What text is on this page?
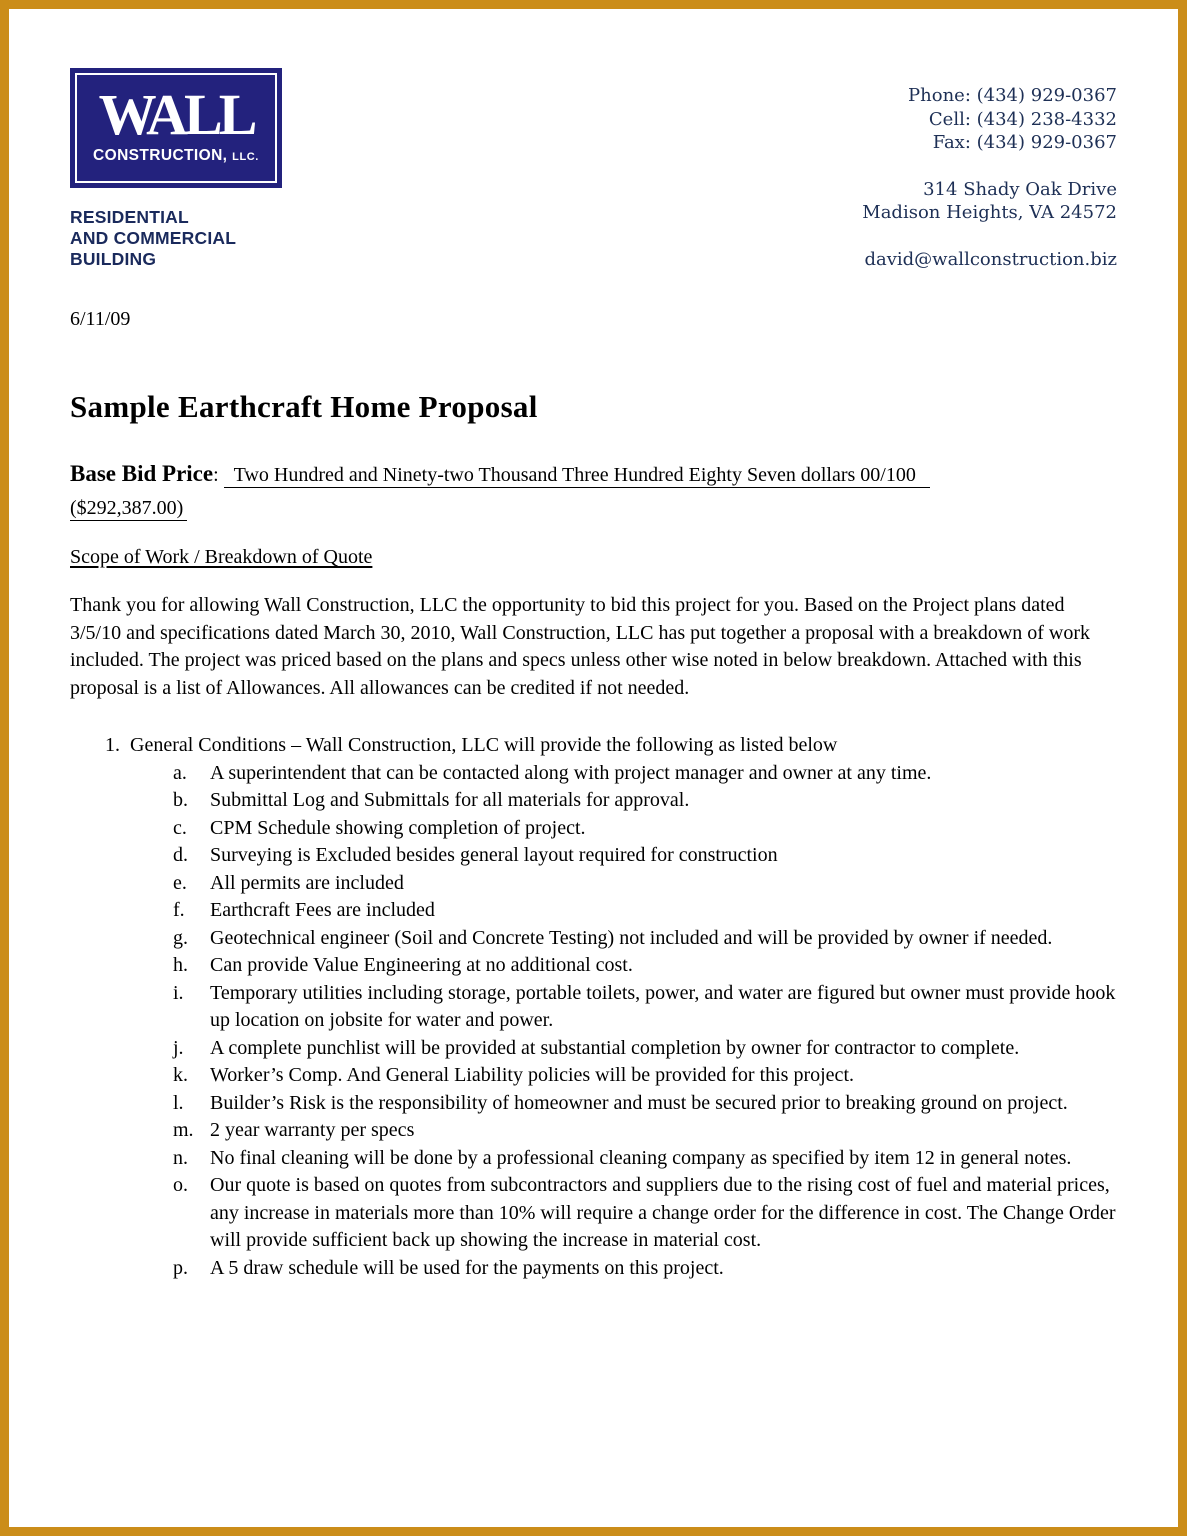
WALL
CONSTRUCTION, LLC.
RESIDENTIAL
AND COMMERCIAL
BUILDING
Phone: (434) 929-0367
Cell: (434) 238-4332
Fax: (434) 929-0367
314 Shady Oak Drive
Madison Heights, VA 24572
david@wallconstruction.biz
6/11/09
Sample Earthcraft Home Proposal
Base Bid Price: Two Hundred and Ninety-two Thousand Three Hundred Eighty Seven dollars 00/100
($292,387.00)
Scope of Work / Breakdown of Quote

Thank you for allowing Wall Construction, LLC the opportunity to bid this project for you. Based on the Project plans dated 3/5/10 and specifications dated March 30, 2010, Wall Construction, LLC has put together a proposal with a breakdown of work included. The project was priced based on the plans and specs unless other wise noted in below breakdown. Attached with this proposal is a list of Allowances. All allowances can be credited if not needed.

1. General Conditions – Wall Construction, LLC will provide the following as listed below
a.	A superintendent that can be contacted along with project manager and owner at any time.
b.	Submittal Log and Submittals for all materials for approval.
c.	CPM Schedule showing completion of project.
d.	Surveying is Excluded besides general layout required for construction
e.	All permits are included
f.	Earthcraft Fees are included
g.	Geotechnical engineer (Soil and Concrete Testing) not included and will be provided by owner if needed.
h.	Can provide Value Engineering at no additional cost.
i.	Temporary utilities including storage, portable toilets, power, and water are figured but owner must provide hook up location on jobsite for water and power.
j.	A complete punchlist will be provided at substantial completion by owner for contractor to complete.
k.	Worker’s Comp. And General Liability policies will be provided for this project.
l.	Builder’s Risk is the responsibility of homeowner and must be secured prior to breaking ground on project.
m. 2 year warranty per specs
n.	No final cleaning will be done by a professional cleaning company as specified by item 12 in general notes.
o.	Our quote is based on quotes from subcontractors and suppliers due to the rising cost of fuel and material prices, any increase in materials more than 10% will require a change order for the difference in cost. The Change Order will provide sufficient back up showing the increase in material cost.
p.	A 5 draw schedule will be used for the payments on this project.
